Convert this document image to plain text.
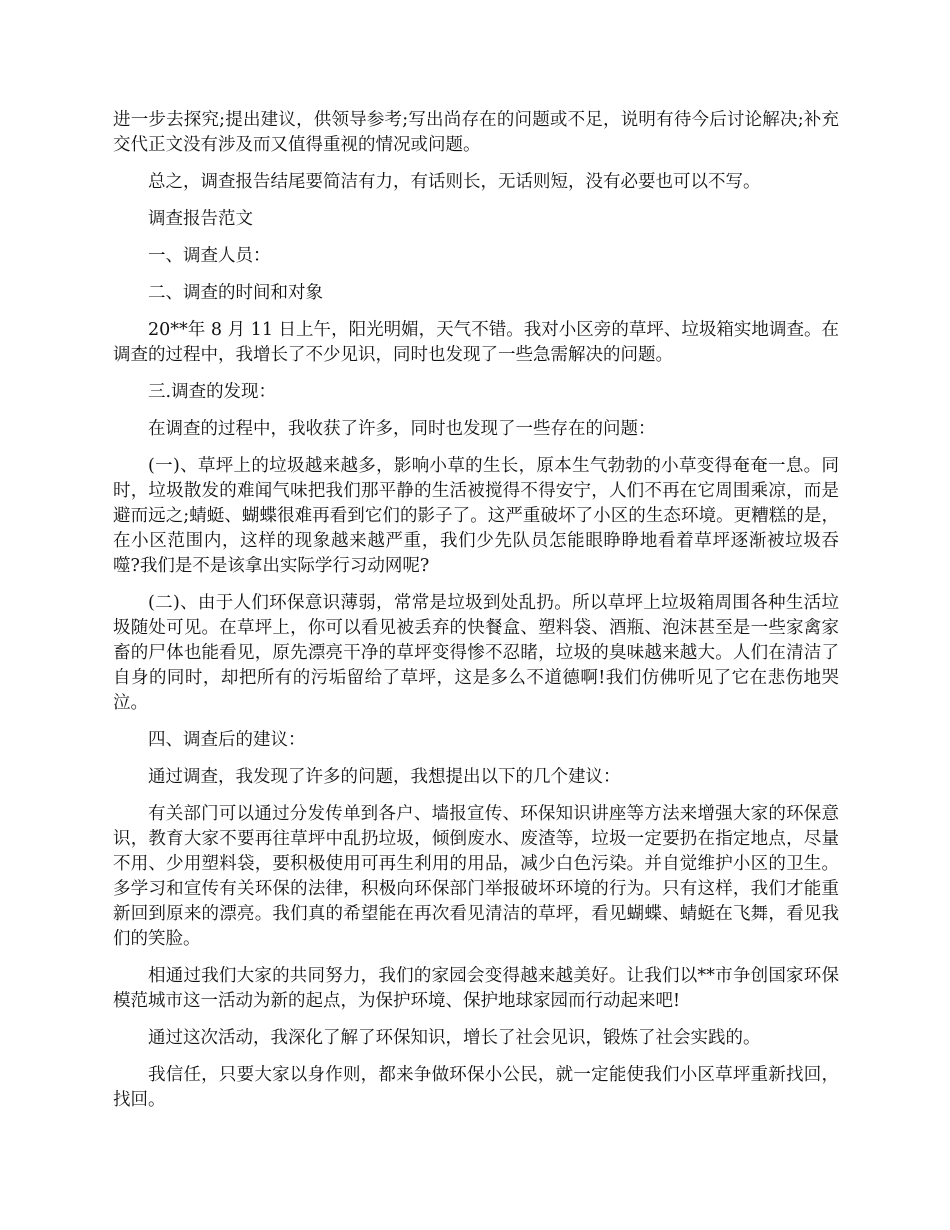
进一步去探究;提出建议，供领导参考;写出尚存在的问题或不足，说明有待今后讨论解决;补充交代正文没有涉及而又值得重视的情况或问题。

总之，调查报告结尾要简洁有力，有话则长，无话则短，没有必要也可以不写。

调查报告范文

一、调查人员：

二、调查的时间和对象

20**年 8 月 11 日上午，阳光明媚，天气不错。我对小区旁的草坪、垃圾箱实地调查。在调查的过程中，我增长了不少见识，同时也发现了一些急需解决的问题。

三.调查的发现：

在调查的过程中，我收获了许多，同时也发现了一些存在的问题：

(一)、草坪上的垃圾越来越多，影响小草的生长，原本生气勃勃的小草变得奄奄一息。同时，垃圾散发的难闻气味把我们那平静的生活被搅得不得安宁，人们不再在它周围乘凉，而是避而远之;蜻蜓、蝴蝶很难再看到它们的影子了。这严重破坏了小区的生态环境。更糟糕的是，在小区范围内，这样的现象越来越严重，我们少先队员怎能眼睁睁地看着草坪逐渐被垃圾吞噬?我们是不是该拿出实际学行习动网呢?

(二)、由于人们环保意识薄弱，常常是垃圾到处乱扔。所以草坪上垃圾箱周围各种生活垃圾随处可见。在草坪上，你可以看见被丢弃的快餐盒、塑料袋、酒瓶、泡沫甚至是一些家禽家畜的尸体也能看见，原先漂亮干净的草坪变得惨不忍睹，垃圾的臭味越来越大。人们在清洁了自身的同时，却把所有的污垢留给了草坪，这是多么不道德啊!我们仿佛听见了它在悲伤地哭泣。

四、调查后的建议：

通过调查，我发现了许多的问题，我想提出以下的几个建议：

有关部门可以通过分发传单到各户、墙报宣传、环保知识讲座等方法来增强大家的环保意识，教育大家不要再往草坪中乱扔垃圾，倾倒废水、废渣等，垃圾一定要扔在指定地点，尽量不用、少用塑料袋，要积极使用可再生利用的用品，减少白色污染。并自觉维护小区的卫生。多学习和宣传有关环保的法律，积极向环保部门举报破坏环境的行为。只有这样，我们才能重新回到原来的漂亮。我们真的希望能在再次看见清洁的草坪，看见蝴蝶、蜻蜓在飞舞，看见我们的笑脸。

相通过我们大家的共同努力，我们的家园会变得越来越美好。让我们以**市争创国家环保模范城市这一活动为新的起点，为保护环境、保护地球家园而行动起来吧!

通过这次活动，我深化了解了环保知识，增长了社会见识，锻炼了社会实践的。

我信任，只要大家以身作则，都来争做环保小公民，就一定能使我们小区草坪重新找回，找回。
